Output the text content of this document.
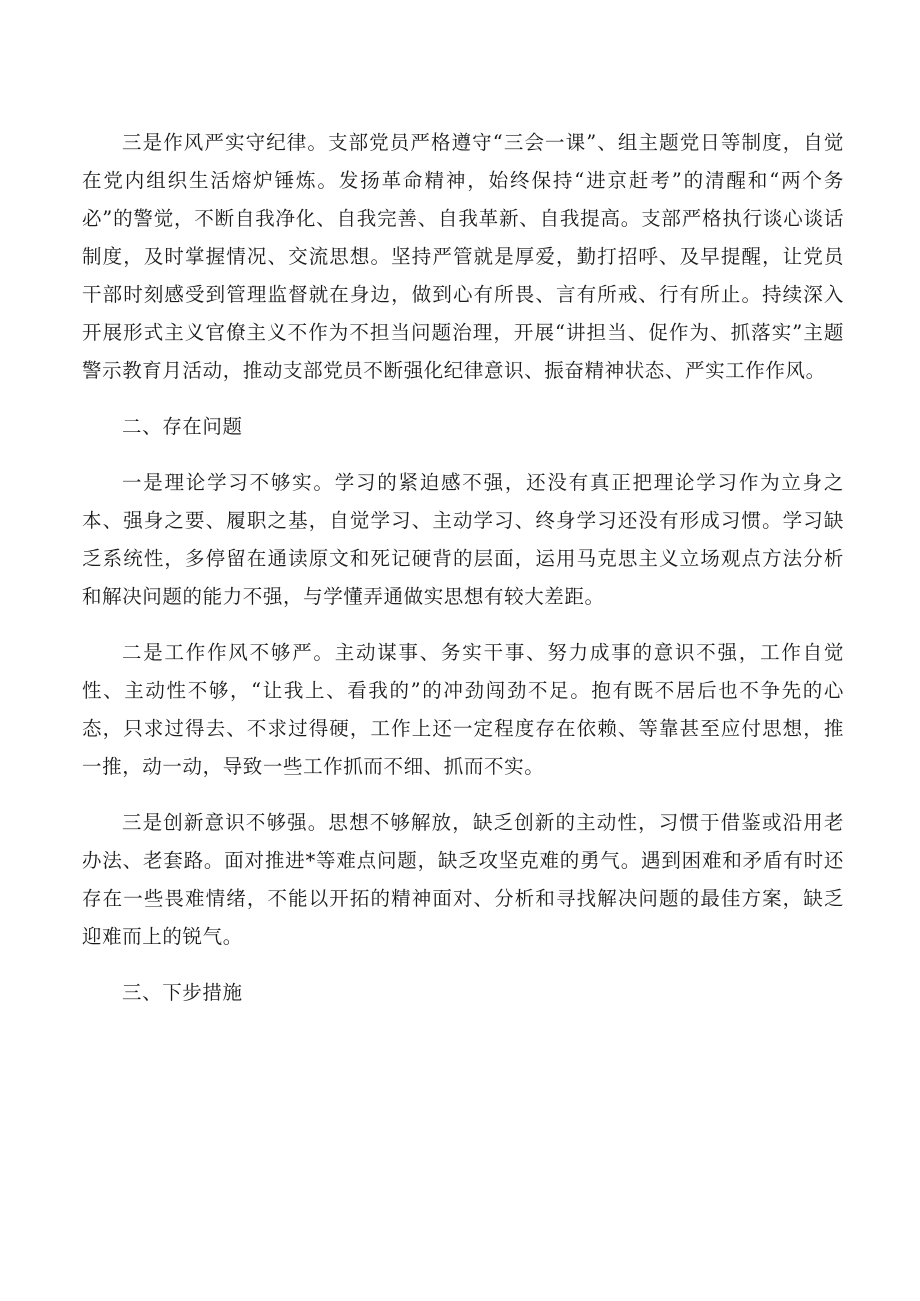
三是作风严实守纪律。支部党员严格遵守“三会一课”、组主题党日等制度，自觉在党内组织生活熔炉锤炼。发扬革命精神，始终保持“进京赶考”的清醒和“两个务必”的警觉，不断自我净化、自我完善、自我革新、自我提高。支部严格执行谈心谈话制度，及时掌握情况、交流思想。坚持严管就是厚爱，勤打招呼、及早提醒，让党员干部时刻感受到管理监督就在身边，做到心有所畏、言有所戒、行有所止。持续深入开展形式主义官僚主义不作为不担当问题治理，开展“讲担当、促作为、抓落实”主题警示教育月活动，推动支部党员不断强化纪律意识、振奋精神状态、严实工作作风。

二、存在问题

一是理论学习不够实。学习的紧迫感不强，还没有真正把理论学习作为立身之本、强身之要、履职之基，自觉学习、主动学习、终身学习还没有形成习惯。学习缺乏系统性，多停留在通读原文和死记硬背的层面，运用马克思主义立场观点方法分析和解决问题的能力不强，与学懂弄通做实思想有较大差距。

二是工作作风不够严。主动谋事、务实干事、努力成事的意识不强，工作自觉性、主动性不够，“让我上、看我的”的冲劲闯劲不足。抱有既不居后也不争先的心态，只求过得去、不求过得硬，工作上还一定程度存在依赖、等靠甚至应付思想，推一推，动一动，导致一些工作抓而不细、抓而不实。

三是创新意识不够强。思想不够解放，缺乏创新的主动性，习惯于借鉴或沿用老办法、老套路。面对推进*等难点问题，缺乏攻坚克难的勇气。遇到困难和矛盾有时还存在一些畏难情绪，不能以开拓的精神面对、分析和寻找解决问题的最佳方案，缺乏迎难而上的锐气。

三、下步措施
